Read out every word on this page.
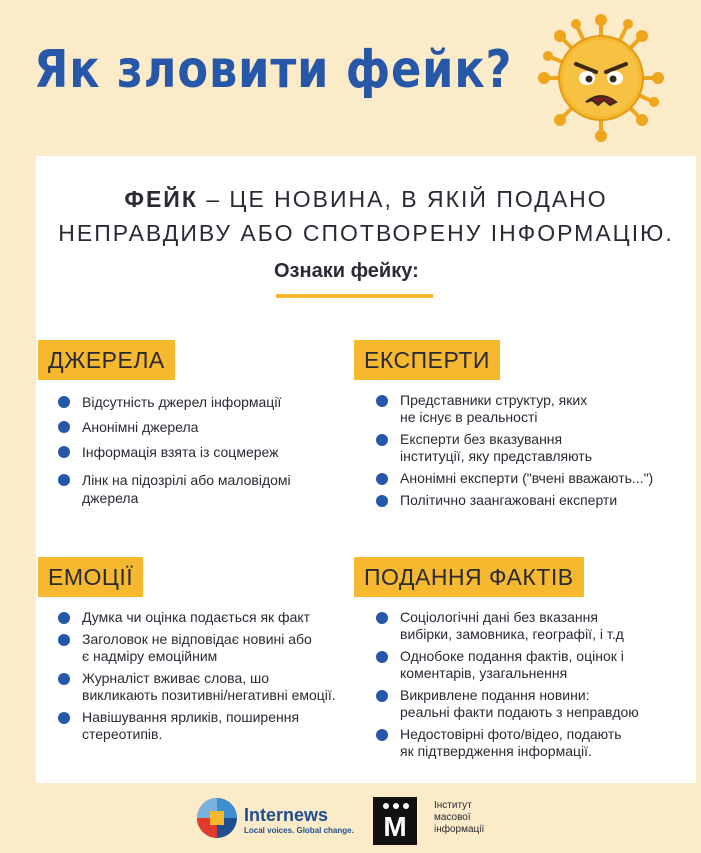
Як зловити фейк?
ФЕЙК – ЦЕ НОВИНА, В ЯКІЙ ПОДАНО
НЕПРАВДИВУ АБО СПОТВОРЕНУ ІНФОРМАЦІЮ.
Ознаки фейку:
ДЖЕРЕЛА
Відсутність джерел інформації
Анонімні джерела
Інформація взята із соцмереж
Лінк на підозрілі або маловідомі
джерела
ЕКСПЕРТИ
Представники структур, яких
не існує в реальності
Експерти без вказування
інституції, яку представляють
Анонімні експерти ("вчені вважають...")
Політично заангажовані експерти
ЕМОЦІЇ
Думка чи оцінка подається як факт
Заголовок не відповідає новині або
є надміру емоційним
Журналіст вживає слова, шо
викликають позитивні/негативні емоції.
Навішування ярликів, поширення
стереотипів.
ПОДАННЯ ФАКТІВ
Соціологічні дані без вказання
вибірки, замовника, географії, і т.д
Однобоке подання фактів, оцінок і
коментарів, узагальнення
Викривлене подання новини:
реальні факти подають з неправдою
Недостовірні фото/відео, подають
як підтвердження інформації.
Internews
Local voices. Global change.	М
Інститут
масової
інформації
